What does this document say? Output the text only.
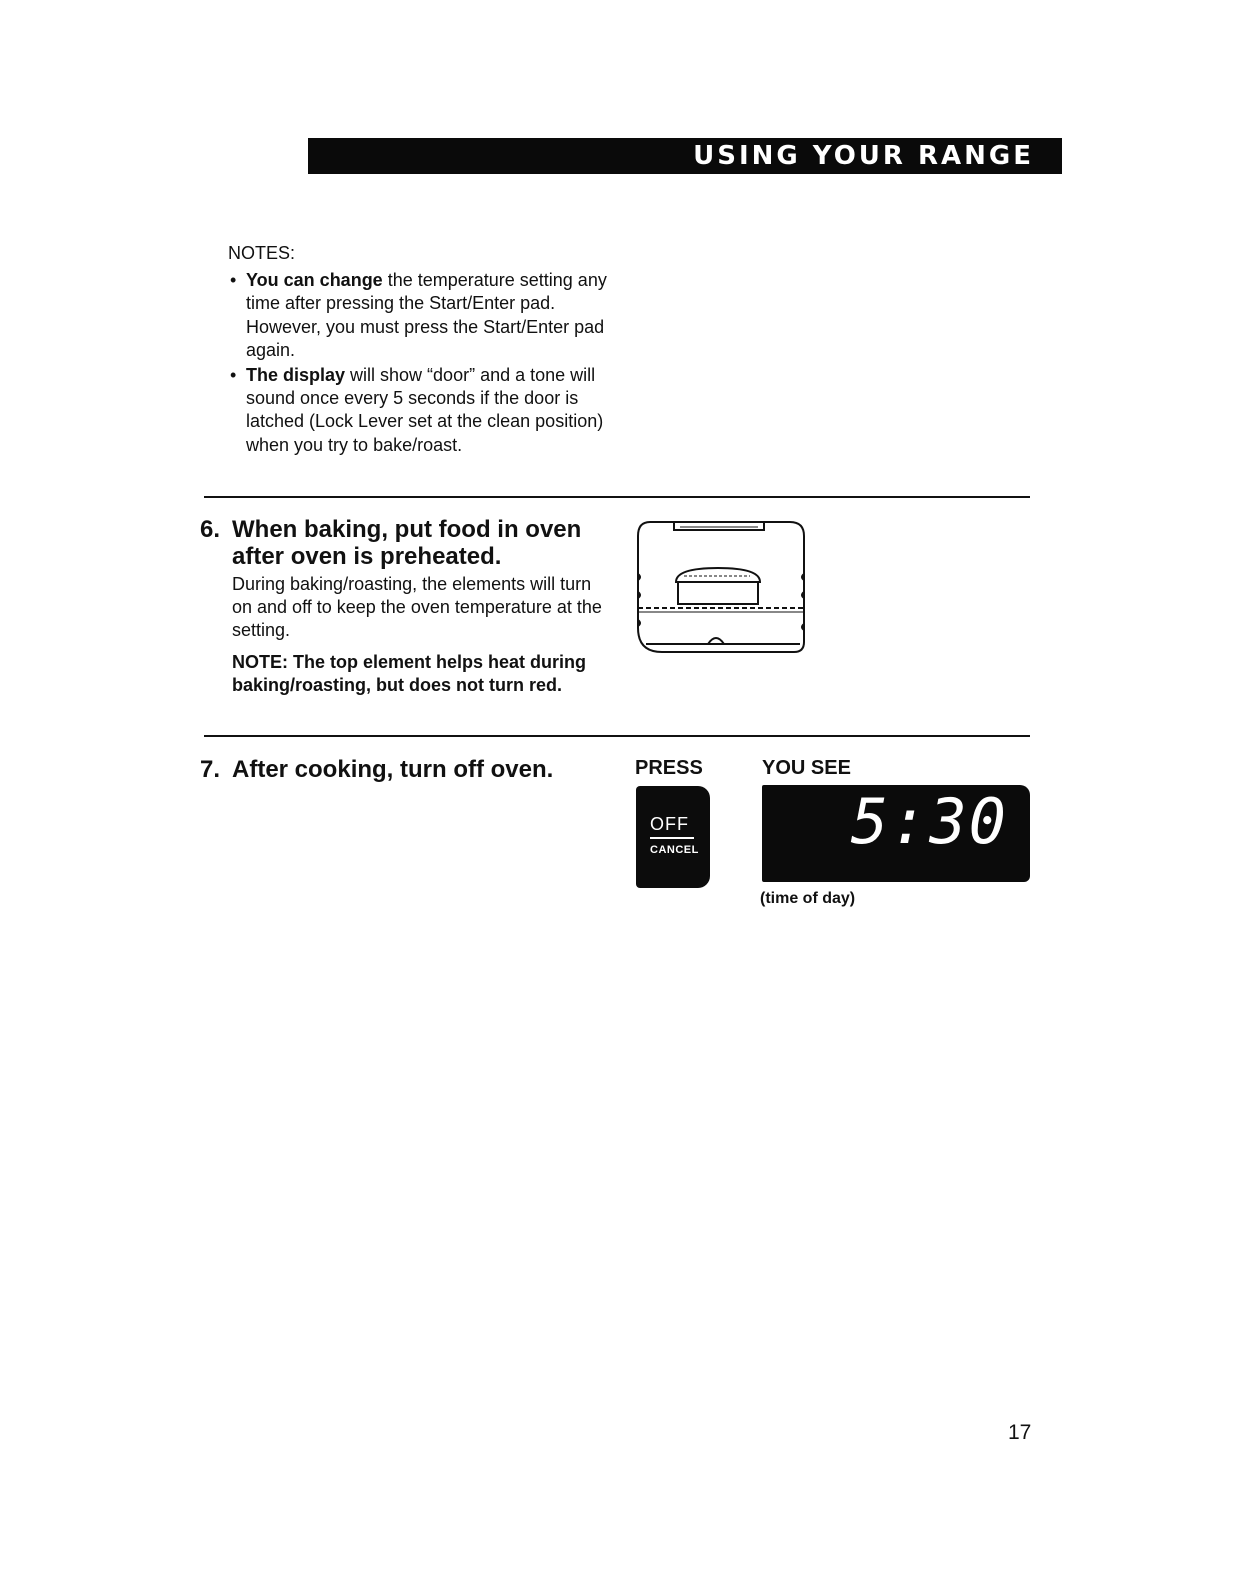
USING YOUR RANGE
NOTES:
• You can change the temperature setting any time after pressing the Start/Enter pad. However, you must press the Start/Enter pad again.
• The display will show “door” and a tone will sound once every 5 seconds if the door is latched (Lock Lever set at the clean position) when you try to bake/roast.
6. When baking, put food in oven after oven is preheated.
During baking/roasting, the elements will turn on and off to keep the oven temperature at the setting.
NOTE: The top element helps heat during baking/roasting, but does not turn red.
7. After cooking, turn off oven.	PRESS	YOU SEE
OFF
CANCEL 5:30
(time of day)
17
